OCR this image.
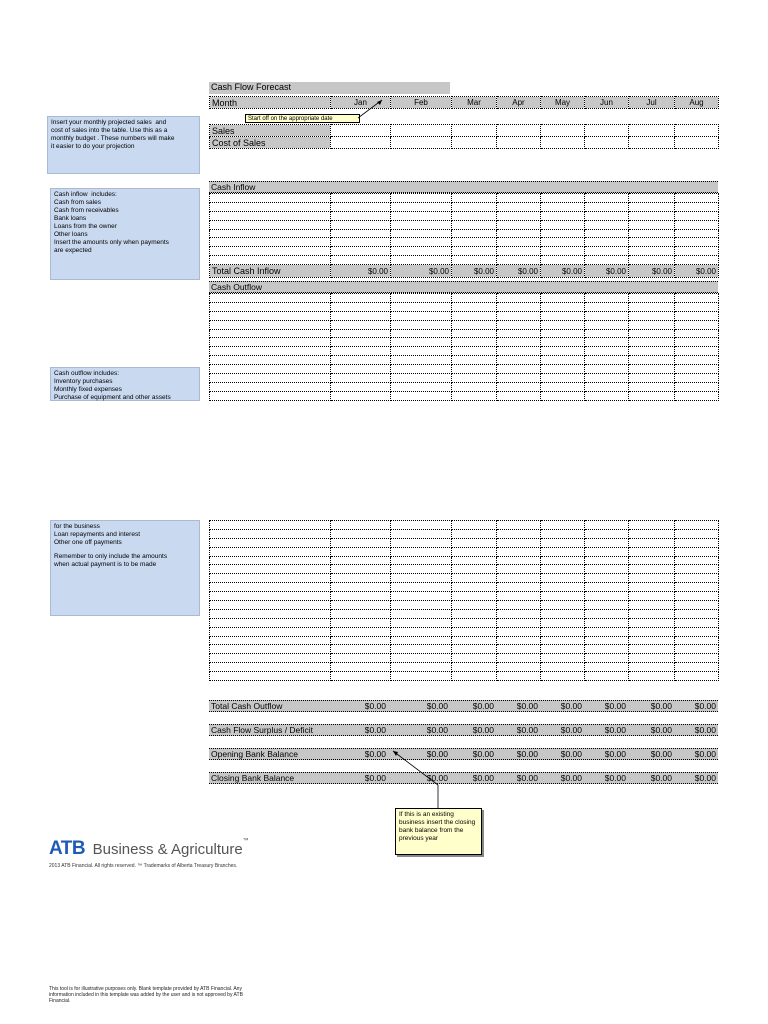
Cash Flow Forecast
Month	Jan	Feb	Mar	Apr	May	Jun	Jul	Aug
Start off on the appropriate date
Sales								
Cost of Sales								
Insert your monthly projected sales  and
cost of sales into the table. Use this as a
monthly budget . These numbers will make
it easier to do your projection
Cash inflow  includes:
Cash from sales
Cash from receivables
Bank loans
Loans from the owner
Other loans
Insert the amounts only when payments
are expected
Cash outflow includes:
Inventory purchases
Monthly fixed expenses
Purchase of equipment and other assets
for the business
Loan repayments and interest
Other one off payments
Remember to only include the amounts
when actual payment is to be made
Cash Inflow

Total Cash Inflow	$0.00	$0.00	$0.00	$0.00	$0.00	$0.00	$0.00	$0.00
Cash Outflow

Total Cash Outflow	$0.00	$0.00	$0.00	$0.00	$0.00	$0.00	$0.00	$0.00
Cash Flow Surplus / Deficit	$0.00	$0.00	$0.00	$0.00	$0.00	$0.00	$0.00	$0.00
Opening Bank Balance	$0.00	$0.00	$0.00	$0.00	$0.00	$0.00	$0.00	$0.00
Closing Bank Balance	$0.00	$0.00	$0.00	$0.00	$0.00	$0.00	$0.00	$0.00
If this is an existing
business insert the closing
bank balance from the
previous year
ATB Business & Agriculture™
2013 ATB Financial. All rights reserved. ™ Trademarks of Alberta Treasury Branches.
This tool is for illustrative purposes only. Blank template provided by ATB Financial. Any
information included in this template was added by the user and is not approved by ATB
Financial.
